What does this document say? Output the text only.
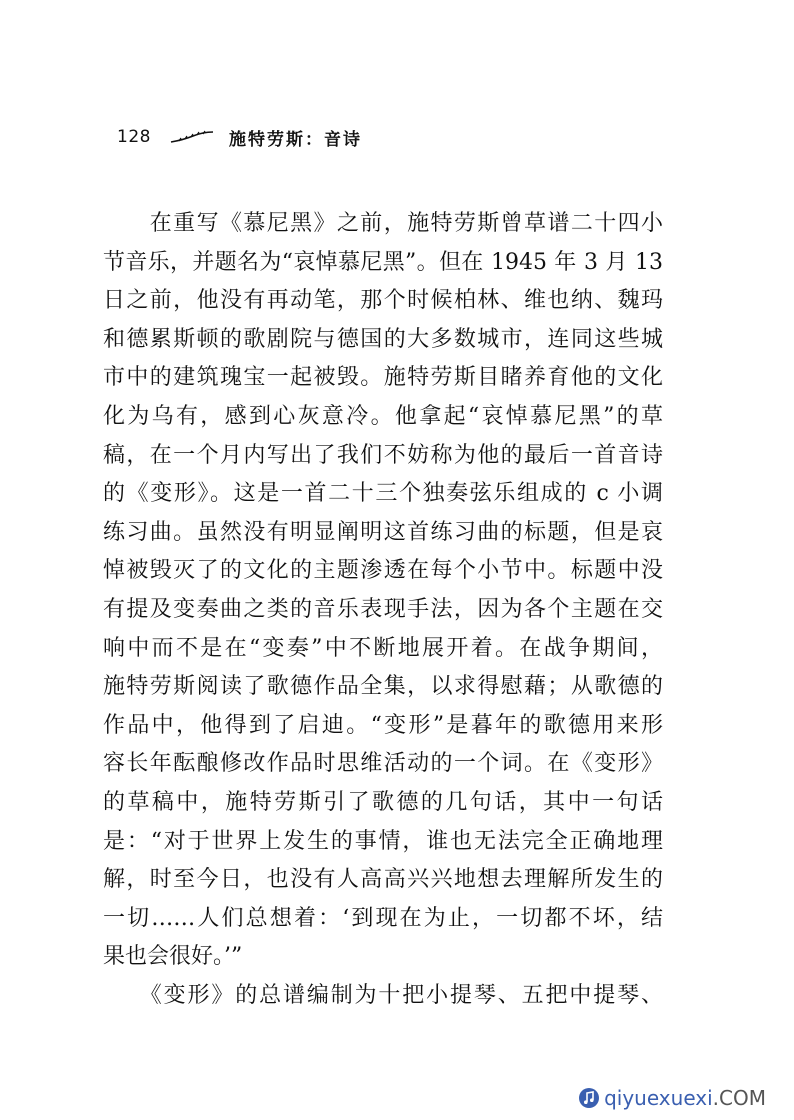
128	施特劳斯：音诗
　　在重写《慕尼黑》之前，施特劳斯曾草谱二十四小
节音乐，并题名为“哀悼慕尼黑”。但在 1945 年 3 月 13
日之前，他没有再动笔，那个时候柏林、维也纳、魏玛
和德累斯顿的歌剧院与德国的大多数城市，连同这些城
市中的建筑瑰宝一起被毁。施特劳斯目睹养育他的文化
化为乌有，感到心灰意冷。他拿起“哀悼慕尼黑”的草
稿，在一个月内写出了我们不妨称为他的最后一首音诗
的《变形》。这是一首二十三个独奏弦乐组成的 c 小调
练习曲。虽然没有明显阐明这首练习曲的标题，但是哀
悼被毁灭了的文化的主题渗透在每个小节中。标题中没
有提及变奏曲之类的音乐表现手法，因为各个主题在交
响中而不是在“变奏”中不断地展开着。在战争期间，
施特劳斯阅读了歌德作品全集，以求得慰藉；从歌德的
作品中，他得到了启迪。“变形”是暮年的歌德用来形
容长年酝酿修改作品时思维活动的一个词。在《变形》
的草稿中，施特劳斯引了歌德的几句话，其中一句话
是：“对于世界上发生的事情，谁也无法完全正确地理
解，时至今日，也没有人高高兴兴地想去理解所发生的
一切……人们总想着：‘到现在为止，一切都不坏，结
果也会很好。’”
　　《变形》的总谱编制为十把小提琴、五把中提琴、
qiyuexuexi.COM
